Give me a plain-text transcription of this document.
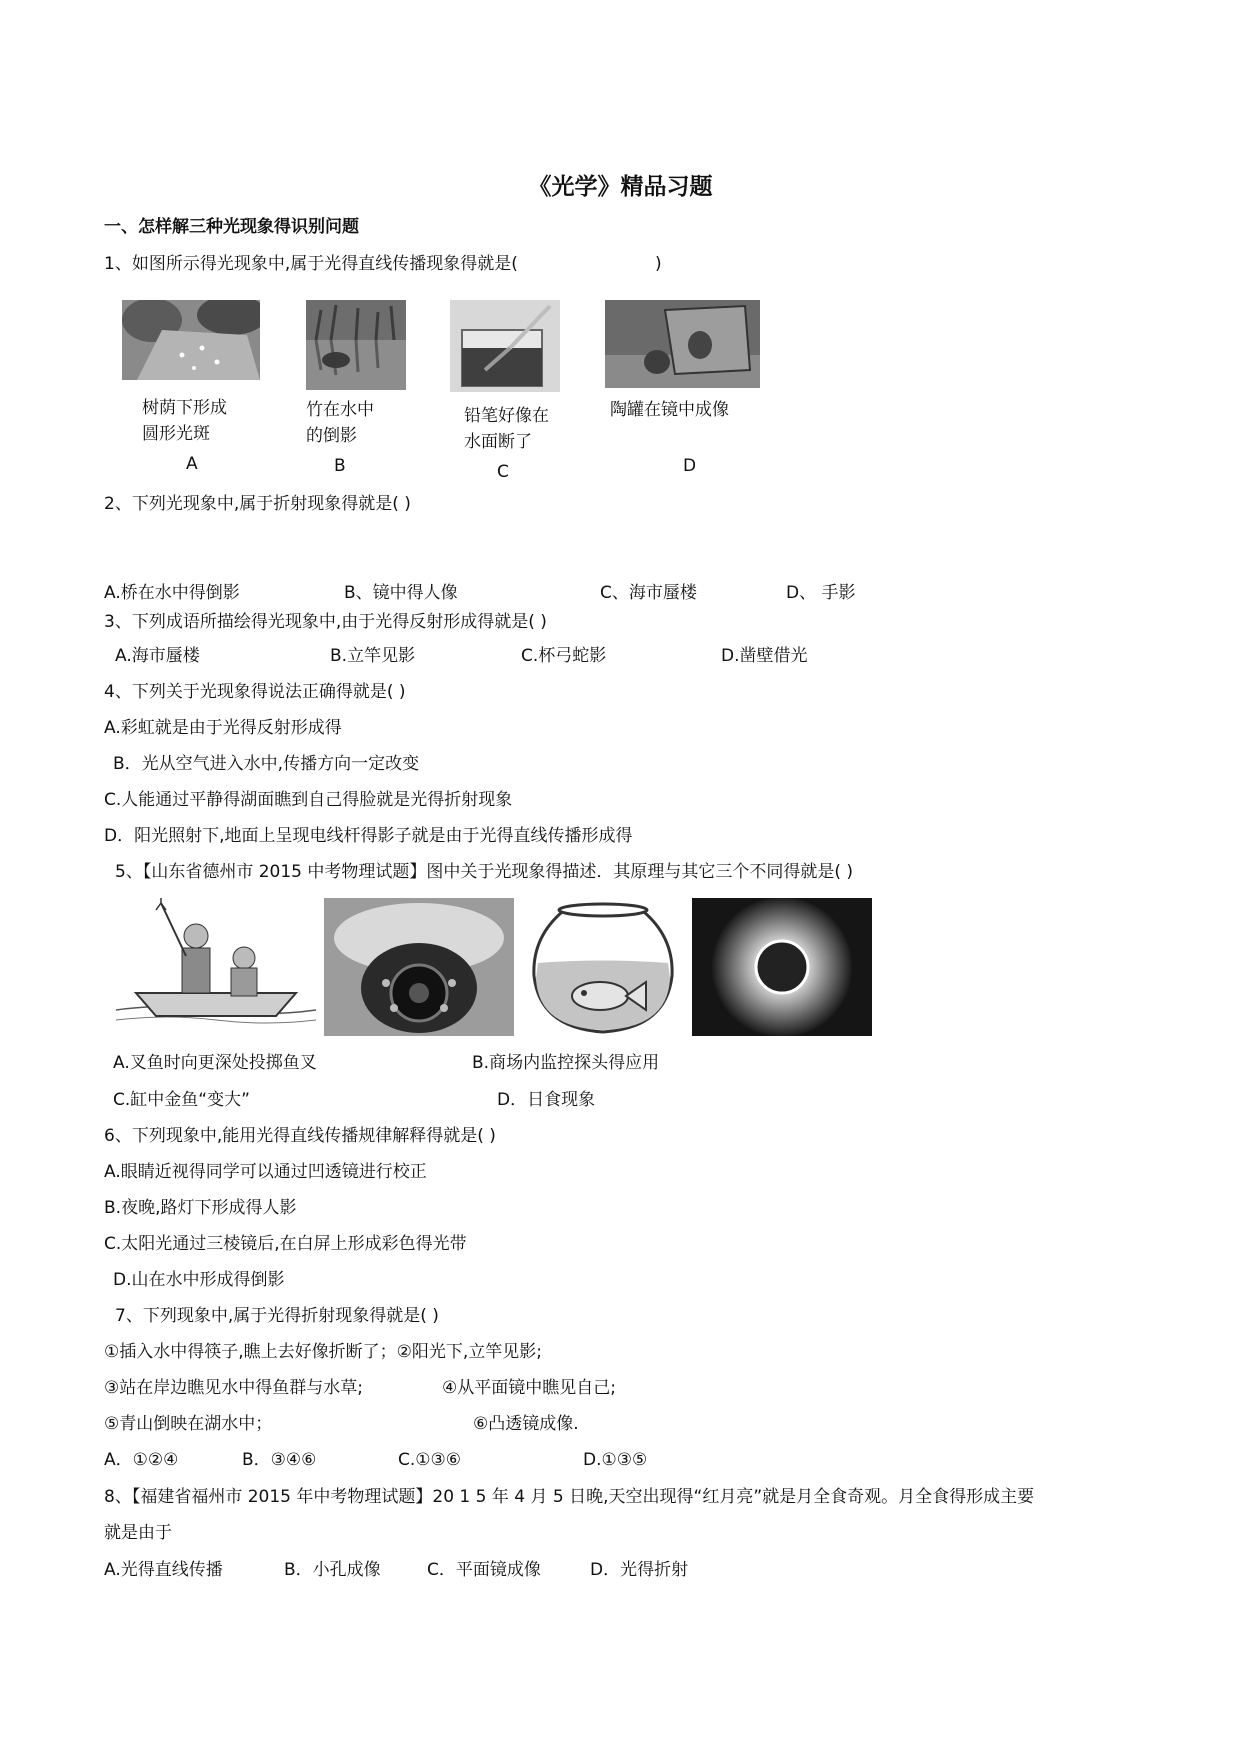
《光学》精品习题
一、怎样解三种光现象得识别问题
1、如图所示得光现象中,属于光得直线传播现象得就是(	)
树荫下形成
圆形光斑
A
竹在水中
的倒影
B
铅笔好像在
水面断了
C
陶罐在镜中成像
D
2、下列光现象中,属于折射现象得就是( )
A.桥在水中得倒影	B、镜中得人像	C、海市蜃楼	D、 手影
3、下列成语所描绘得光现象中,由于光得反射形成得就是( )
A.海市蜃楼	B.立竿见影	C.杯弓蛇影	D.凿壁借光
4、下列关于光现象得说法正确得就是( )
A.彩虹就是由于光得反射形成得
B．光从空气进入水中,传播方向一定改变
C.人能通过平静得湖面瞧到自己得脸就是光得折射现象
D．阳光照射下,地面上呈现电线杆得影子就是由于光得直线传播形成得
5、【山东省德州市 2015 中考物理试题】图中关于光现象得描述．其原理与其它三个不同得就是( )
A.叉鱼时向更深处投掷鱼叉	B.商场内监控探头得应用
C.缸中金鱼“变大”	D．日食现象
6、下列现象中,能用光得直线传播规律解释得就是( )
A.眼睛近视得同学可以通过凹透镜进行校正
B.夜晚,路灯下形成得人影
C.太阳光通过三棱镜后,在白屏上形成彩色得光带
D.山在水中形成得倒影
7、下列现象中,属于光得折射现象得就是( )
①插入水中得筷子,瞧上去好像折断了；②阳光下,立竿见影;
③站在岸边瞧见水中得鱼群与水草;	④从平面镜中瞧见自己;
⑤青山倒映在湖水中；	⑥凸透镜成像.
A．①②④	B．③④⑥	C.①③⑥	D.①③⑤
8、【福建省福州市 2015 年中考物理试题】20 1 5 年 4 月 5 日晚,天空出现得“红月亮”就是月全食奇观。月全食得形成主要
就是由于
A.光得直线传播	B．小孔成像	C．平面镜成像	D．光得折射
